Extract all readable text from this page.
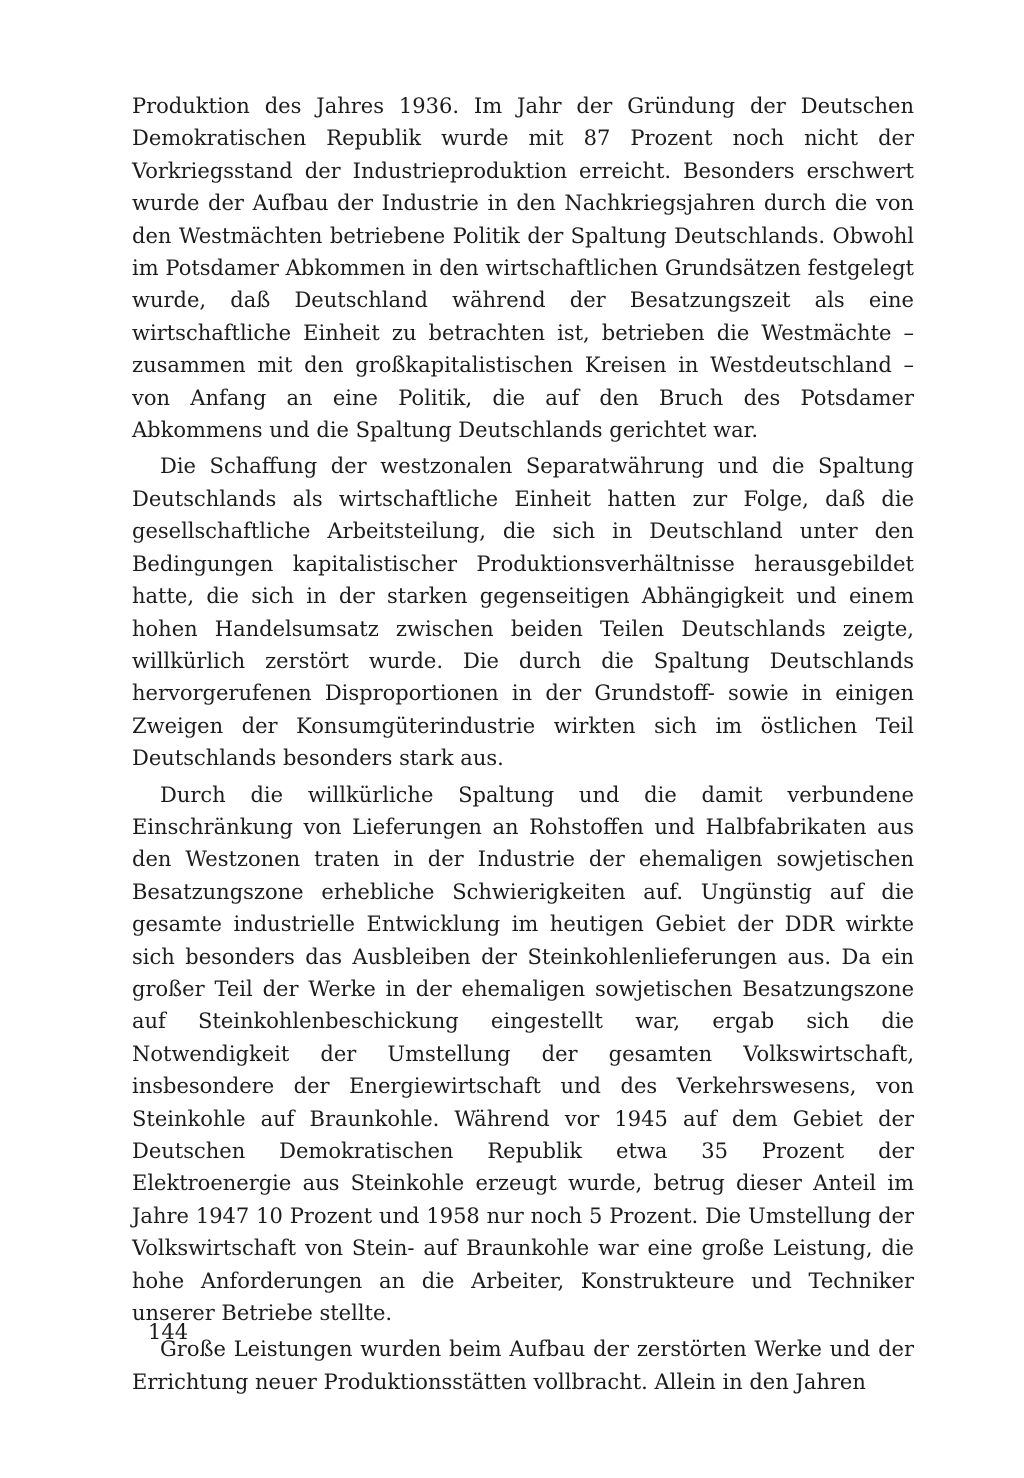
Produktion des Jahres 1936. Im Jahr der Gründung der Deutschen Demokratischen Republik wurde mit 87 Prozent noch nicht der Vorkriegsstand der Industrieproduktion erreicht. Besonders erschwert wurde der Aufbau der Industrie in den Nachkriegsjahren durch die von den Westmächten betriebene Politik der Spaltung Deutschlands. Obwohl im Potsdamer Abkommen in den wirtschaftlichen Grundsätzen festgelegt wurde, daß Deutschland während der Besatzungszeit als eine wirtschaftliche Einheit zu betrachten ist, betrieben die Westmächte – zusammen mit den großkapitalistischen Kreisen in Westdeutschland – von Anfang an eine Politik, die auf den Bruch des Potsdamer Abkommens und die Spaltung Deutschlands gerichtet war.

Die Schaffung der westzonalen Separatwährung und die Spaltung Deutschlands als wirtschaftliche Einheit hatten zur Folge, daß die gesellschaftliche Arbeitsteilung, die sich in Deutschland unter den Bedingungen kapitalistischer Produktionsverhältnisse herausgebildet hatte, die sich in der starken gegenseitigen Abhängigkeit und einem hohen Handelsumsatz zwischen beiden Teilen Deutschlands zeigte, willkürlich zerstört wurde. Die durch die Spaltung Deutschlands hervorgerufenen Disproportionen in der Grundstoff- sowie in einigen Zweigen der Konsumgüterindustrie wirkten sich im östlichen Teil Deutschlands besonders stark aus.

Durch die willkürliche Spaltung und die damit verbundene Einschränkung von Lieferungen an Rohstoffen und Halbfabrikaten aus den Westzonen traten in der Industrie der ehemaligen sowjetischen Besatzungszone erhebliche Schwierigkeiten auf. Ungünstig auf die gesamte industrielle Entwicklung im heutigen Gebiet der DDR wirkte sich besonders das Ausbleiben der Steinkohlenlieferungen aus. Da ein großer Teil der Werke in der ehemaligen sowjetischen Besatzungszone auf Steinkohlenbeschickung eingestellt war, ergab sich die Notwendigkeit der Umstellung der gesamten Volkswirtschaft, insbesondere der Energiewirtschaft und des Verkehrswesens, von Steinkohle auf Braunkohle. Während vor 1945 auf dem Gebiet der Deutschen Demokratischen Republik etwa 35 Prozent der Elektroenergie aus Steinkohle erzeugt wurde, betrug dieser Anteil im Jahre 1947 10 Prozent und 1958 nur noch 5 Prozent. Die Umstellung der Volkswirtschaft von Stein- auf Braunkohle war eine große Leistung, die hohe Anforderungen an die Arbeiter, Konstrukteure und Techniker unserer Betriebe stellte.

Große Leistungen wurden beim Aufbau der zerstörten Werke und der Errichtung neuer Produktionsstätten vollbracht. Allein in den Jahren

144
